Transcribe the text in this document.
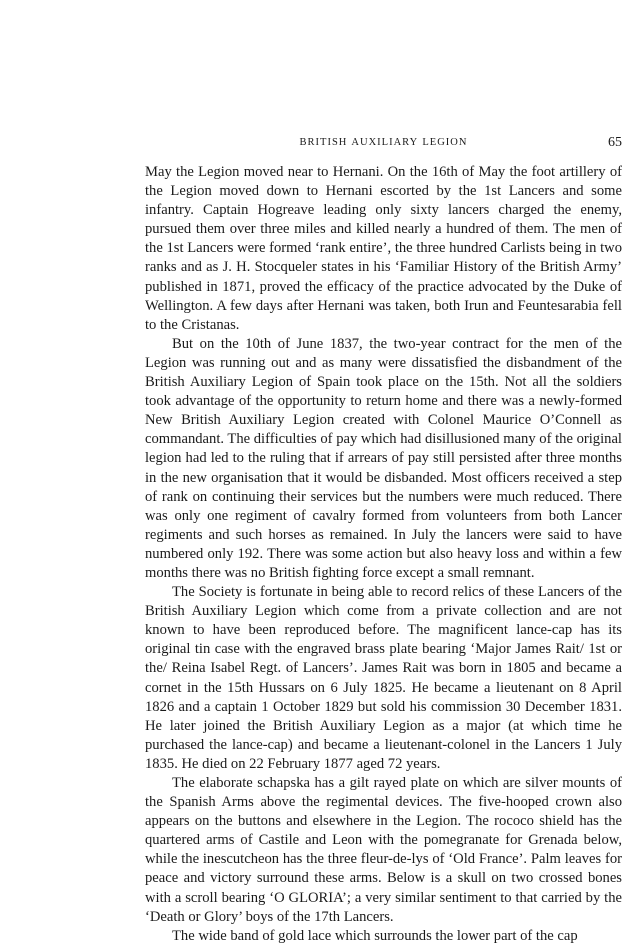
BRITISH AUXILIARY LEGION	65

May the Legion moved near to Hernani. On the 16th of May the foot artillery of the Legion moved down to Hernani escorted by the 1st Lancers and some infantry. Captain Hogreave leading only sixty lancers charged the enemy, pursued them over three miles and killed nearly a hundred of them. The men of the 1st Lancers were formed ‘rank entire’, the three hundred Carlists being in two ranks and as J. H. Stocqueler states in his ‘Familiar History of the British Army’ published in 1871, proved the efficacy of the practice advocated by the Duke of Wellington. A few days after Hernani was taken, both Irun and Feuntesarabia fell to the Cristanas.

But on the 10th of June 1837, the two-year contract for the men of the Legion was running out and as many were dissatisfied the disbandment of the British Auxiliary Legion of Spain took place on the 15th. Not all the soldiers took advantage of the opportunity to return home and there was a newly-formed New British Auxiliary Legion created with Colonel Maurice O’Connell as commandant. The difficulties of pay which had disillusioned many of the original legion had led to the ruling that if arrears of pay still persisted after three months in the new organisation that it would be disbanded. Most officers received a step of rank on continuing their services but the numbers were much reduced. There was only one regiment of cavalry formed from volunteers from both Lancer regiments and such horses as remained. In July the lancers were said to have numbered only 192. There was some action but also heavy loss and within a few months there was no British fighting force except a small remnant.

The Society is fortunate in being able to record relics of these Lancers of the British Auxiliary Legion which come from a private collection and are not known to have been reproduced before. The magnificent lance-cap has its original tin case with the engraved brass plate bearing ‘Major James Rait/ 1st or the/ Reina Isabel Regt. of Lancers’. James Rait was born in 1805 and became a cornet in the 15th Hussars on 6 July 1825. He became a lieutenant on 8 April 1826 and a captain 1 October 1829 but sold his commission 30 December 1831. He later joined the British Auxiliary Legion as a major (at which time he purchased the lance-cap) and became a lieutenant-colonel in the Lancers 1 July 1835. He died on 22 February 1877 aged 72 years.

The elaborate schapska has a gilt rayed plate on which are silver mounts of the Spanish Arms above the regimental devices. The five-hooped crown also appears on the buttons and elsewhere in the Legion. The rococo shield has the quartered arms of Castile and Leon with the pomegranate for Grenada below, while the inescutcheon has the three fleur-de-lys of ‘Old France’. Palm leaves for peace and victory surround these arms. Below is a skull on two crossed bones with a scroll bearing ‘O GLORIA’; a very similar sentiment to that carried by the ‘Death or Glory’ boys of the 17th Lancers.

The wide band of gold lace which surrounds the lower part of the cap
